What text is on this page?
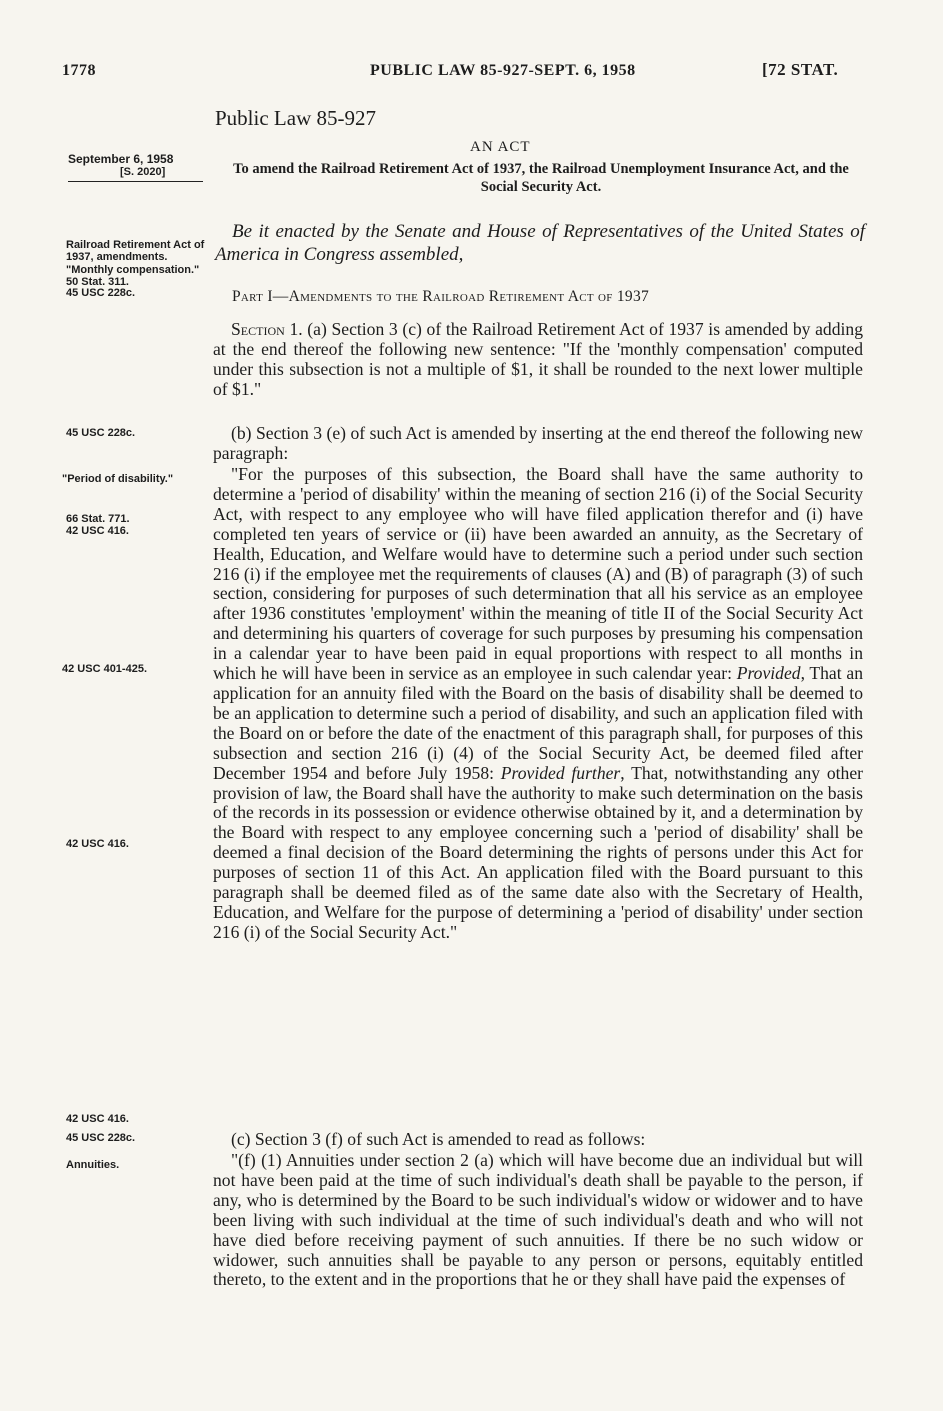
1778	PUBLIC LAW 85-927-SEPT. 6, 1958	[72 STAT.
Public Law 85-927
AN ACT
To amend the Railroad Retirement Act of 1937, the Railroad Unemployment Insurance Act, and the Social Security Act.
September 6, 1958
[S. 2020]
Be it enacted by the Senate and House of Representatives of the United States of America in Congress assembled,
Railroad Retirement Act of 1937, amendments.
"Monthly compensation."
50 Stat. 311.
45 USC 228c.	Part I—Amendments to the Railroad Retirement Act of 1937
Section 1. (a) Section 3 (c) of the Railroad Retirement Act of 1937 is amended by adding at the end thereof the following new sentence: "If the 'monthly compensation' computed under this subsection is not a multiple of $1, it shall be rounded to the next lower multiple of $1."
45 USC 228c.	(b) Section 3 (e) of such Act is amended by inserting at the end thereof the following new paragraph:
"Period of disability."
66 Stat. 771.
42 USC 416.
42 USC 401-425.
42 USC 416.
"For the purposes of this subsection, the Board shall have the same authority to determine a 'period of disability' within the meaning of section 216 (i) of the Social Security Act, with respect to any employee who will have filed application therefor and (i) have completed ten years of service or (ii) have been awarded an annuity, as the Secretary of Health, Education, and Welfare would have to determine such a period under such section 216 (i) if the employee met the requirements of clauses (A) and (B) of paragraph (3) of such section, considering for purposes of such determination that all his service as an employee after 1936 constitutes 'employment' within the meaning of title II of the Social Security Act and determining his quarters of coverage for such purposes by presuming his compensation in a calendar year to have been paid in equal proportions with respect to all months in which he will have been in service as an employee in such calendar year: Provided, That an application for an annuity filed with the Board on the basis of disability shall be deemed to be an application to determine such a period of disability, and such an application filed with the Board on or before the date of the enactment of this paragraph shall, for purposes of this subsection and section 216 (i) (4) of the Social Security Act, be deemed filed after December 1954 and before July 1958: Provided further, That, notwithstanding any other provision of law, the Board shall have the authority to make such determination on the basis of the records in its possession or evidence otherwise obtained by it, and a determination by the Board with respect to any employee concerning such a 'period of disability' shall be deemed a final decision of the Board determining the rights of persons under this Act for purposes of section 11 of this Act. An application filed with the Board pursuant to this paragraph shall be deemed filed as of the same date also with the Secretary of Health, Education, and Welfare for the purpose of determining a 'period of disability' under section 216 (i) of the Social Security Act."
42 USC 416.
45 USC 228c.
Annuities.
(c) Section 3 (f) of such Act is amended to read as follows:
"(f) (1) Annuities under section 2 (a) which will have become due an individual but will not have been paid at the time of such individual's death shall be payable to the person, if any, who is determined by the Board to be such individual's widow or widower and to have been living with such individual at the time of such individual's death and who will not have died before receiving payment of such annuities. If there be no such widow or widower, such annuities shall be payable to any person or persons, equitably entitled thereto, to the extent and in the proportions that he or they shall have paid the expenses of
